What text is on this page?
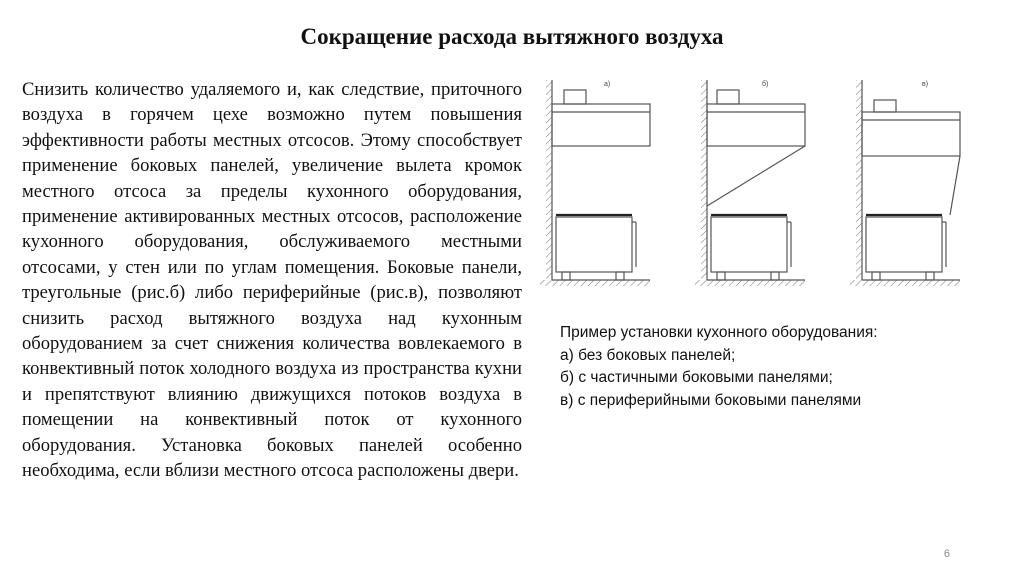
Сокращение расхода вытяжного воздуха
Снизить количество удаляемого и, как следствие, приточного воздуха в горячем цехе возможно путем повышения эффективности работы местных отсосов. Этому способствует применение боковых панелей, увеличение вылета кромок местного отсоса за пределы кухонного оборудования, применение активированных местных отсосов, расположение кухонного оборудования, обслуживаемого местными отсосами, у стен или по углам помещения. Боковые панели, треугольные (рис.б) либо периферийные (рис.в), позволяют снизить расход вытяжного воздуха над кухонным оборудованием за счет снижения количества вовлекаемого в конвективный поток холодного воздуха из пространства кухни и препятствуют влиянию движущихся потоков воздуха в помещении на конвективный поток от кухонного оборудования. Установка боковых панелей особенно необходима, если вблизи местного отсоса расположены двери.
а)	б)	в)
Пример установки кухонного оборудования:
а) без боковых панелей;
б) с частичными боковыми панелями;
в) с периферийными боковыми панелями
6
